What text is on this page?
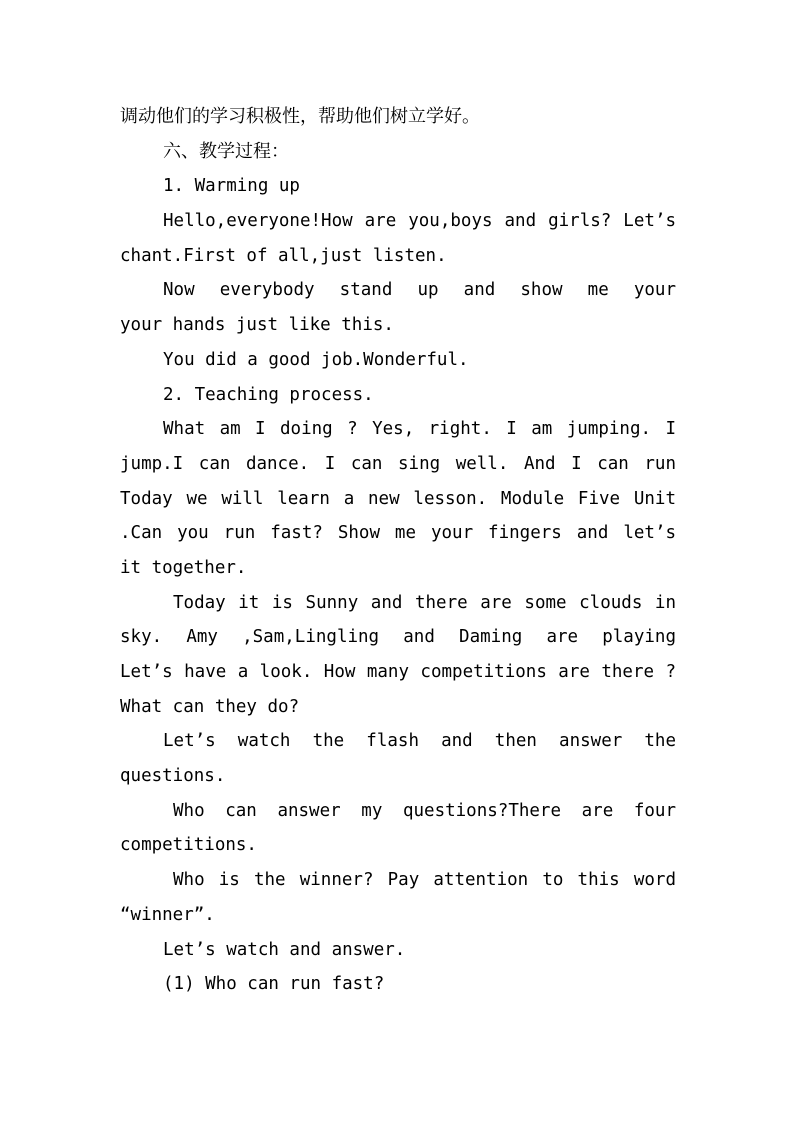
调动他们的学习积极性，帮助他们树立学好。
六、教学过程：
1. Warming up
Hello,everyone!How are you,boys and girls? Let’s
chant.First of all,just listen.
Now everybody stand up and show me your
your hands just like this.
You did a good job.Wonderful.
2. Teaching process.
What am I doing ? Yes, right. I am jumping. I
jump.I can dance. I can sing well. And I can run
Today we will learn a new lesson. Module Five Unit
.Can you run fast? Show me your fingers and let’s
it together.
Today it is Sunny and there are some clouds in
sky. Amy ,Sam,Lingling and Daming are playing
Let’s have a look. How many competitions are there ?
What can they do?
Let’s watch the flash and then answer the
questions.
Who can answer my questions?There are four
competitions.
Who is the winner? Pay attention to this word
“winner”.
Let’s watch and answer.
(1) Who can run fast?
